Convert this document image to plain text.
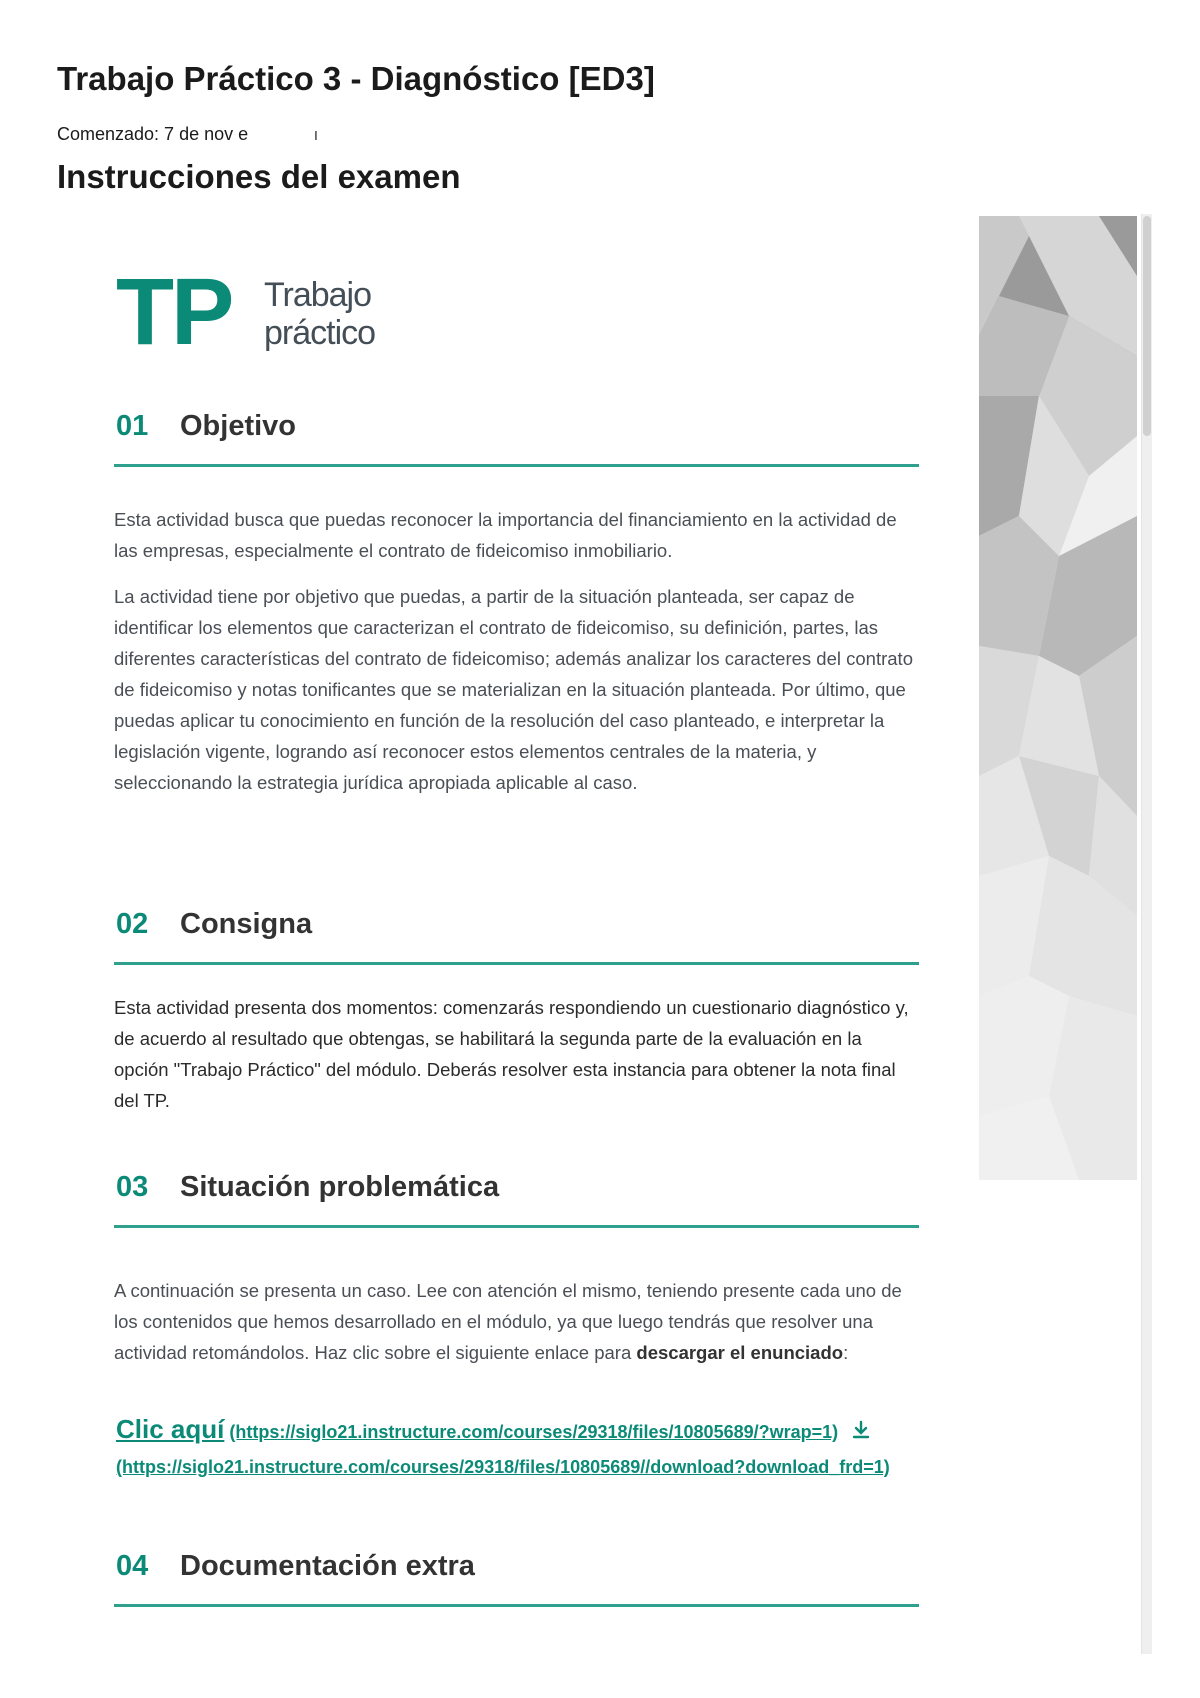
Trabajo Práctico 3 - Diagnóstico [ED3]
Comenzado: 7 de nov e	I
Instrucciones del examen
TP Trabajo
práctico
01 Objetivo

Esta actividad busca que puedas reconocer la importancia del financiamiento en la actividad de las empresas, especialmente el contrato de fideicomiso inmobiliario.

La actividad tiene por objetivo que puedas, a partir de la situación planteada, ser capaz de identificar los elementos que caracterizan el contrato de fideicomiso, su definición, partes, las diferentes características del contrato de fideicomiso; además analizar los caracteres del contrato de fideicomiso y notas tonificantes que se materializan en la situación planteada. Por último, que puedas aplicar tu conocimiento en función de la resolución del caso planteado, e interpretar la legislación vigente, logrando así reconocer estos elementos centrales de la materia, y seleccionando la estrategia jurídica apropiada aplicable al caso.

02 Consigna

Esta actividad presenta dos momentos: comenzarás respondiendo un cuestionario diagnóstico y, de acuerdo al resultado que obtengas, se habilitará la segunda parte de la evaluación en la opción "Trabajo Práctico" del módulo. Deberás resolver esta instancia para obtener la nota final del TP.

03 Situación problemática

A continuación se presenta un caso. Lee con atención el mismo, teniendo presente cada uno de los contenidos que hemos desarrollado en el módulo, ya que luego tendrás que resolver una actividad retomándolos. Haz clic sobre el siguiente enlace para descargar el enunciado:

Clic aquí (https://siglo21.instructure.com/courses/29318/files/10805689/?wrap=1)
(https://siglo21.instructure.com/courses/29318/files/10805689//download?download_frd=1)
04 Documentación extra
